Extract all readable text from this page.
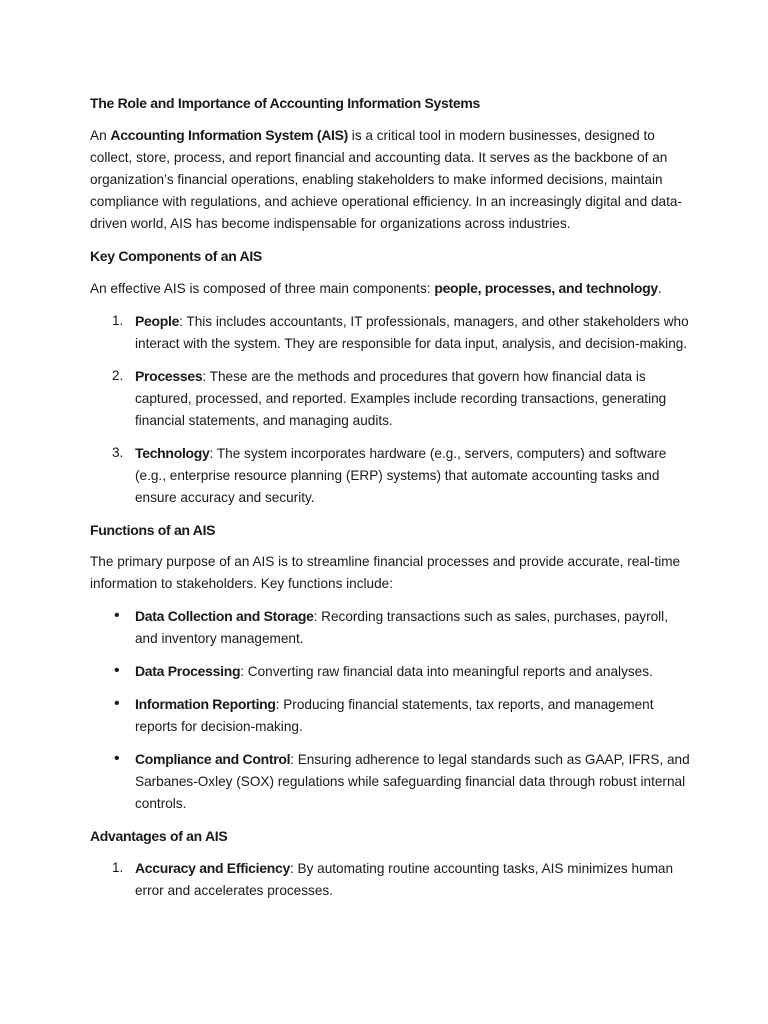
The Role and Importance of Accounting Information Systems

An Accounting Information System (AIS) is a critical tool in modern businesses, designed to collect, store, process, and report financial and accounting data. It serves as the backbone of an organization’s financial operations, enabling stakeholders to make informed decisions, maintain compliance with regulations, and achieve operational efficiency. In an increasingly digital and data-driven world, AIS has become indispensable for organizations across industries.

Key Components of an AIS

An effective AIS is composed of three main components: people, processes, and technology.

1. People: This includes accountants, IT professionals, managers, and other stakeholders who interact with the system. They are responsible for data input, analysis, and decision-making.
2. Processes: These are the methods and procedures that govern how financial data is captured, processed, and reported. Examples include recording transactions, generating financial statements, and managing audits.
3. Technology: The system incorporates hardware (e.g., servers, computers) and software (e.g., enterprise resource planning (ERP) systems) that automate accounting tasks and ensure accuracy and security.
Functions of an AIS

The primary purpose of an AIS is to streamline financial processes and provide accurate, real-time information to stakeholders. Key functions include:

• Data Collection and Storage: Recording transactions such as sales, purchases, payroll, and inventory management.
• Data Processing: Converting raw financial data into meaningful reports and analyses.
• Information Reporting: Producing financial statements, tax reports, and management reports for decision-making.
• Compliance and Control: Ensuring adherence to legal standards such as GAAP, IFRS, and Sarbanes-Oxley (SOX) regulations while safeguarding financial data through robust internal controls.
Advantages of an AIS
1. Accuracy and Efficiency: By automating routine accounting tasks, AIS minimizes human error and accelerates processes.
